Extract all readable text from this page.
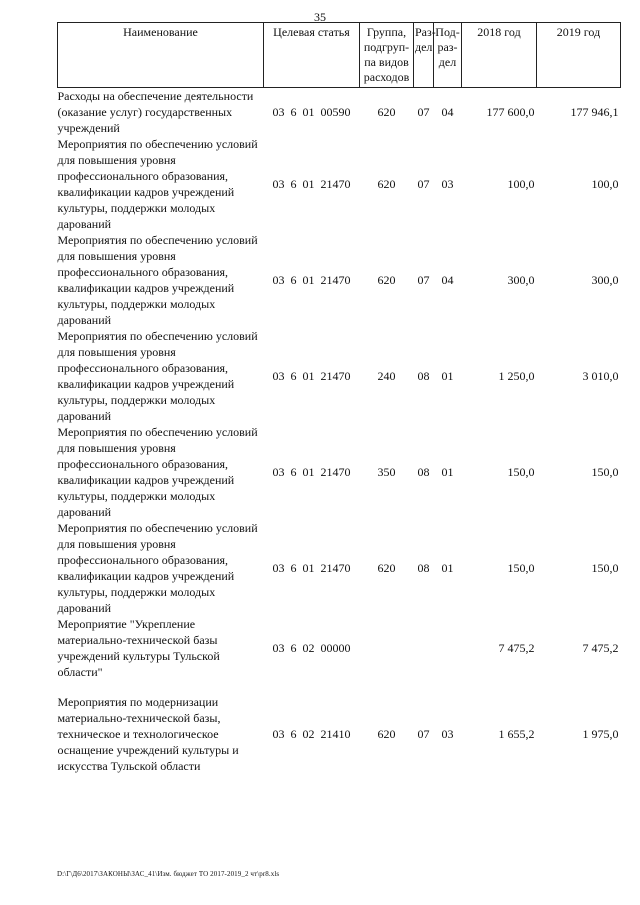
35
Наименование	Целевая статья	Группа, подгруп-па видов расходов	Раз-дел	Под-раз-дел	2018 год	2019 год
Расходы на обеспечение деятельности (оказание услуг) государственных учреждений	03  6  01  00590	620	07	04	177 600,0	177 946,1
Мероприятия по обеспечению условий для повышения уровня профессионального образования, квалификации кадров учреждений культуры, поддержки молодых дарований	03  6  01  21470	620	07	03	100,0	100,0
Мероприятия по обеспечению условий для повышения уровня профессионального образования, квалификации кадров учреждений культуры, поддержки молодых дарований	03  6  01  21470	620	07	04	300,0	300,0
Мероприятия по обеспечению условий для повышения уровня профессионального образования, квалификации кадров учреждений культуры, поддержки молодых дарований	03  6  01  21470	240	08	01	1 250,0	3 010,0
Мероприятия по обеспечению условий для повышения уровня профессионального образования, квалификации кадров учреждений культуры, поддержки молодых дарований	03  6  01  21470	350	08	01	150,0	150,0
Мероприятия по обеспечению условий для повышения уровня профессионального образования, квалификации кадров учреждений культуры, поддержки молодых дарований	03  6  01  21470	620	08	01	150,0	150,0
Мероприятие "Укрепление материально-технической базы учреждений культуры Тульской области"	03  6  02  00000				7 475,2	7 475,2

Мероприятия по модернизации материально-технической базы, техническое и технологическое оснащение учреждений культуры и искусства Тульской области	03  6  02  21410	620	07	03	1 655,2	1 975,0
D:\Г\Д6\2017\ЗАКОНЫ\ЗАС_41\Изм. бюджет ТО 2017-2019_2 чт\pr8.xls
